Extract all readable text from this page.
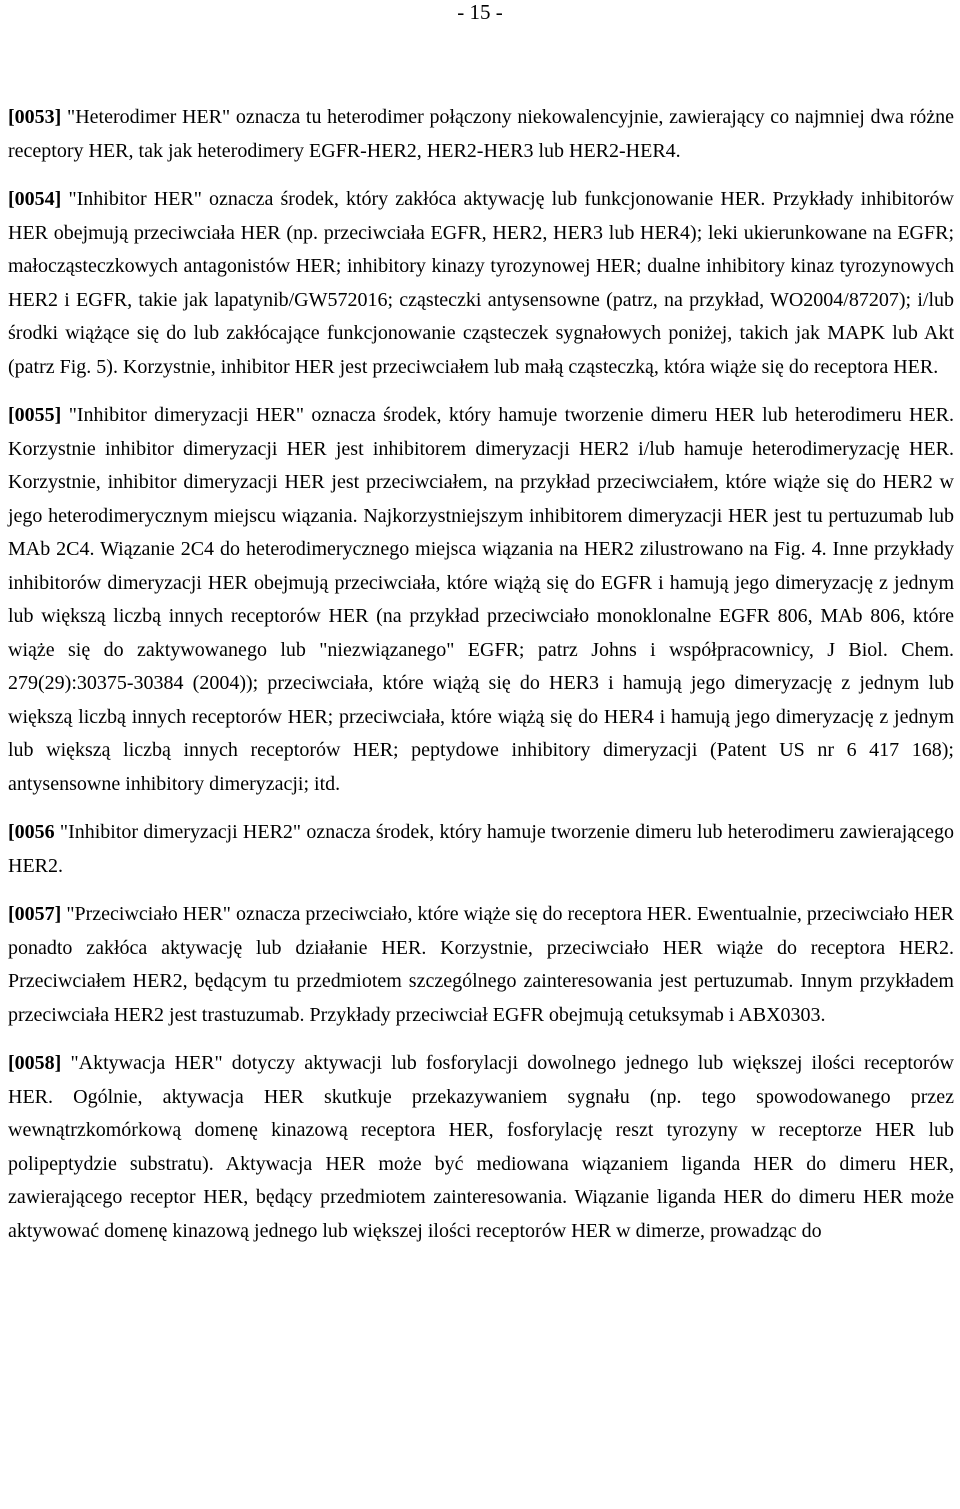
- 15 -

[0053] "Heterodimer HER" oznacza tu heterodimer połączony niekowalencyjnie, zawierający co najmniej dwa różne receptory HER, tak jak heterodimery EGFR-HER2, HER2-HER3 lub HER2-HER4.

[0054] "Inhibitor HER" oznacza środek, który zakłóca aktywację lub funkcjonowanie HER. Przykłady inhibitorów HER obejmują przeciwciała HER (np. przeciwciała EGFR, HER2, HER3 lub HER4); leki ukierunkowane na EGFR; małocząsteczkowych antagonistów HER; inhibitory kinazy tyrozynowej HER; dualne inhibitory kinaz tyrozynowych HER2 i EGFR, takie jak lapatynib/GW572016; cząsteczki antysensowne (patrz, na przykład, WO2004/87207); i/lub środki wiążące się do lub zakłócające funkcjonowanie cząsteczek sygnałowych poniżej, takich jak MAPK lub Akt (patrz Fig. 5). Korzystnie, inhibitor HER jest przeciwciałem lub małą cząsteczką, która wiąże się do receptora HER.

[0055] "Inhibitor dimeryzacji HER" oznacza środek, który hamuje tworzenie dimeru HER lub heterodimeru HER. Korzystnie inhibitor dimeryzacji HER jest inhibitorem dimeryzacji HER2 i/lub hamuje heterodimeryzację HER. Korzystnie, inhibitor dimeryzacji HER jest przeciwciałem, na przykład przeciwciałem, które wiąże się do HER2 w jego heterodimerycznym miejscu wiązania. Najkorzystniejszym inhibitorem dimeryzacji HER jest tu pertuzumab lub MAb 2C4. Wiązanie 2C4 do heterodimerycznego miejsca wiązania na HER2 zilustrowano na Fig. 4. Inne przykłady inhibitorów dimeryzacji HER obejmują przeciwciała, które wiążą się do EGFR i hamują jego dimeryzację z jednym lub większą liczbą innych receptorów HER (na przykład przeciwciało monoklonalne EGFR 806, MAb 806, które wiąże się do zaktywowanego lub "niezwiązanego" EGFR; patrz Johns i współpracownicy, J Biol. Chem. 279(29):30375-30384 (2004)); przeciwciała, które wiążą się do HER3 i hamują jego dimeryzację z jednym lub większą liczbą innych receptorów HER; przeciwciała, które wiążą się do HER4 i hamują jego dimeryzację z jednym lub większą liczbą innych receptorów HER; peptydowe inhibitory dimeryzacji (Patent US nr 6 417 168); antysensowne inhibitory dimeryzacji; itd.

[0056 "Inhibitor dimeryzacji HER2" oznacza środek, który hamuje tworzenie dimeru lub heterodimeru zawierającego HER2.

[0057] "Przeciwciało HER" oznacza przeciwciało, które wiąże się do receptora HER. Ewentualnie, przeciwciało HER ponadto zakłóca aktywację lub działanie HER. Korzystnie, przeciwciało HER wiąże do receptora HER2. Przeciwciałem HER2, będącym tu przedmiotem szczególnego zainteresowania jest pertuzumab. Innym przykładem przeciwciała HER2 jest trastuzumab. Przykłady przeciwciał EGFR obejmują cetuksymab i ABX0303.

[0058] "Aktywacja HER" dotyczy aktywacji lub fosforylacji dowolnego jednego lub większej ilości receptorów HER. Ogólnie, aktywacja HER skutkuje przekazywaniem sygnału (np. tego spowodowanego przez wewnątrzkomórkową domenę kinazową receptora HER, fosforylację reszt tyrozyny w receptorze HER lub polipeptydzie substratu). Aktywacja HER może być mediowana wiązaniem liganda HER do dimeru HER, zawierającego receptor HER, będący przedmiotem zainteresowania. Wiązanie liganda HER do dimeru HER może aktywować domenę kinazową jednego lub większej ilości receptorów HER w dimerze, prowadząc do
